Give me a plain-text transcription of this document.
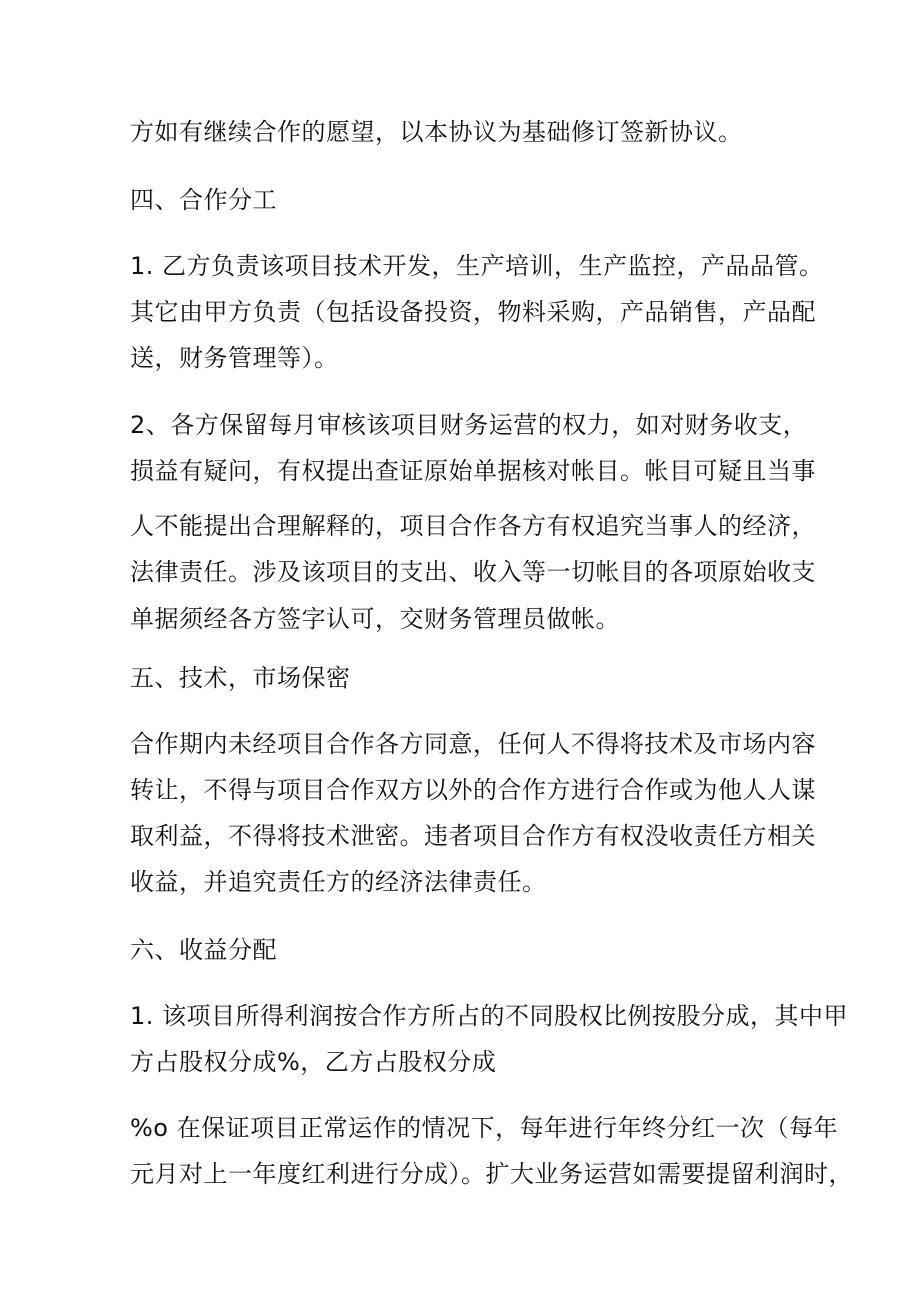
方如有继续合作的愿望，以本协议为基础修订签新协议。
四、合作分工
1. 乙方负责该项目技术开发，生产培训，生产监控，产品品管。
其它由甲方负责（包括设备投资，物料采购，产品销售，产品配
送，财务管理等）。
2、各方保留每月审核该项目财务运营的权力，如对财务收支，
损益有疑问，有权提出查证原始单据核对帐目。帐目可疑且当事
人不能提出合理解释的，项目合作各方有权追究当事人的经济，
法律责任。涉及该项目的支出、收入等一切帐目的各项原始收支
单据须经各方签字认可，交财务管理员做帐。
五、技术，市场保密
合作期内未经项目合作各方同意，任何人不得将技术及市场内容
转让，不得与项目合作双方以外的合作方进行合作或为他人人谋
取利益，不得将技术泄密。违者项目合作方有权没收责任方相关
收益，并追究责任方的经济法律责任。
六、收益分配
1. 该项目所得利润按合作方所占的不同股权比例按股分成，其中甲
方占股权分成%，乙方占股权分成
%o 在保证项目正常运作的情况下，每年进行年终分红一次（每年
元月对上一年度红利进行分成）。扩大业务运营如需要提留利润时，
